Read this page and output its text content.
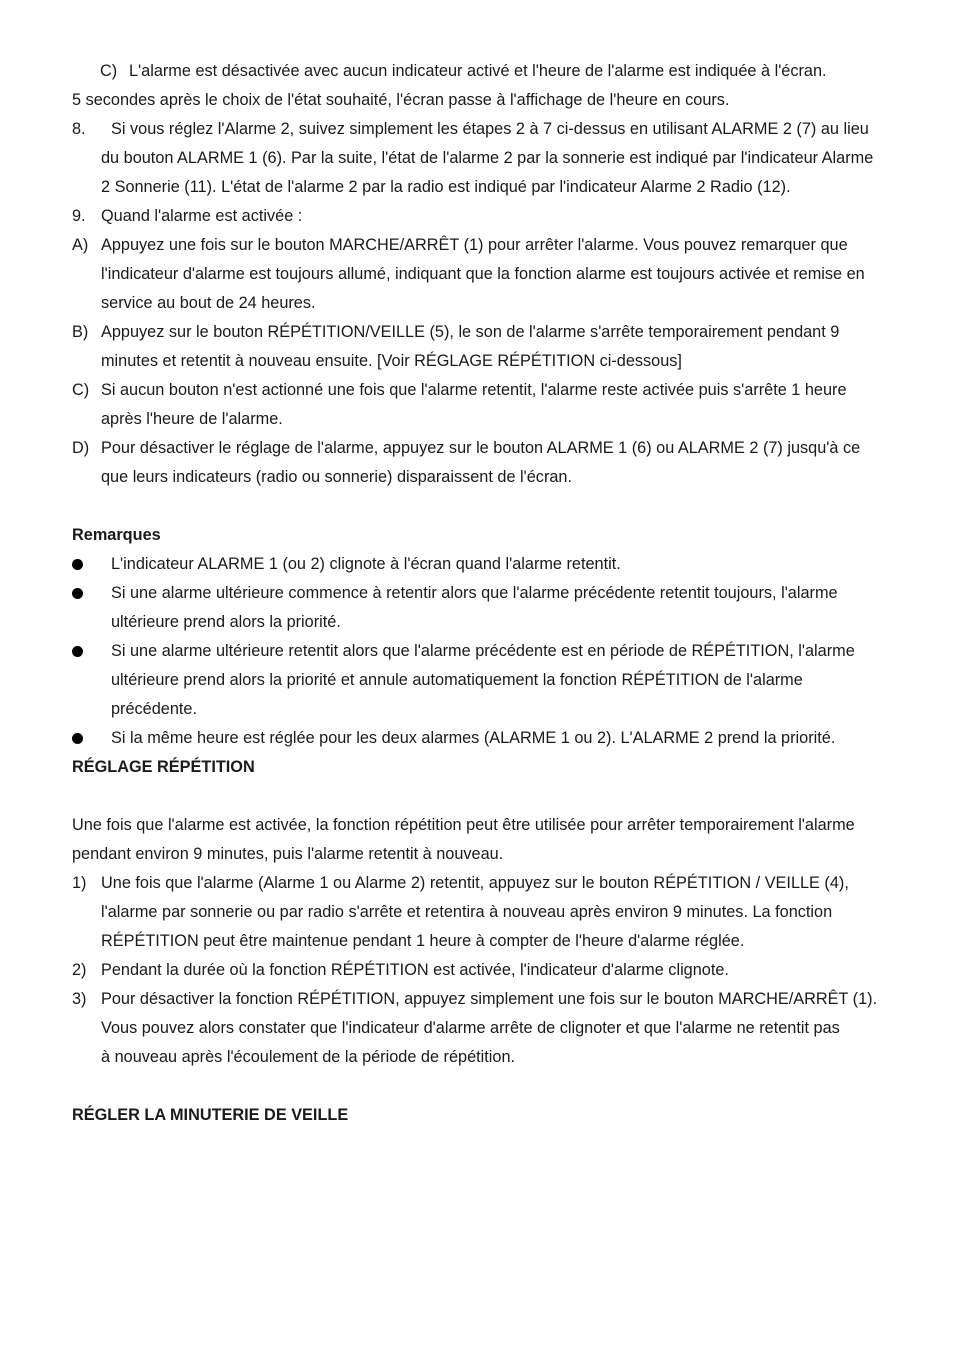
C) L'alarme est désactivée avec aucun indicateur activé et l'heure de l'alarme est indiquée à l'écran.

5 secondes après le choix de l'état souhaité, l'écran passe à l'affichage de l'heure en cours.

8. Si vous réglez l'Alarme 2, suivez simplement les étapes 2 à 7 ci-dessus en utilisant ALARME 2 (7) au lieu du bouton ALARME 1 (6). Par la suite, l'état de l'alarme 2 par la sonnerie est indiqué par l'indicateur Alarme 2 Sonnerie (11). L'état de l'alarme 2 par la radio est indiqué par l'indicateur Alarme 2 Radio (12).
9. Quand l'alarme est activée :
A) Appuyez une fois sur le bouton MARCHE/ARRÊT (1) pour arrêter l'alarme. Vous pouvez remarquer que l'indicateur d'alarme est toujours allumé, indiquant que la fonction alarme est toujours activée et remise en service au bout de 24 heures.
B) Appuyez sur le bouton RÉPÉTITION/VEILLE (5), le son de l'alarme s'arrête temporairement pendant 9 minutes et retentit à nouveau ensuite. [Voir RÉGLAGE RÉPÉTITION ci-dessous]
C) Si aucun bouton n'est actionné une fois que l'alarme retentit, l'alarme reste activée puis s'arrête 1 heure après l'heure de l'alarme.
D) Pour désactiver le réglage de l'alarme, appuyez sur le bouton ALARME 1 (6) ou ALARME 2 (7) jusqu'à ce que leurs indicateurs (radio ou sonnerie) disparaissent de l'écran.

Remarques

L'indicateur ALARME 1 (ou 2) clignote à l'écran quand l'alarme retentit.
Si une alarme ultérieure commence à retentir alors que l'alarme précédente retentit toujours, l'alarme ultérieure prend alors la priorité.
Si une alarme ultérieure retentit alors que l'alarme précédente est en période de RÉPÉTITION, l'alarme ultérieure prend alors la priorité et annule automatiquement la fonction RÉPÉTITION de l'alarme précédente.
Si la même heure est réglée pour les deux alarmes (ALARME 1 ou 2). L'ALARME 2 prend la priorité.

RÉGLAGE RÉPÉTITION

Une fois que l'alarme est activée, la fonction répétition peut être utilisée pour arrêter temporairement l'alarme pendant environ 9 minutes, puis l'alarme retentit à nouveau.

1) Une fois que l'alarme (Alarme 1 ou Alarme 2) retentit, appuyez sur le bouton RÉPÉTITION / VEILLE (4), l'alarme par sonnerie ou par radio s'arrête et retentira à nouveau après environ 9 minutes. La fonction RÉPÉTITION peut être maintenue pendant 1 heure à compter de l'heure d'alarme réglée.
2) Pendant la durée où la fonction RÉPÉTITION est activée, l'indicateur d'alarme clignote.
3) Pour désactiver la fonction RÉPÉTITION, appuyez simplement une fois sur le bouton MARCHE/ARRÊT (1).

Vous pouvez alors constater que l'indicateur d'alarme arrête de clignoter et que l'alarme ne retentit pas

à nouveau après l'écoulement de la période de répétition.

RÉGLER LA MINUTERIE DE VEILLE
